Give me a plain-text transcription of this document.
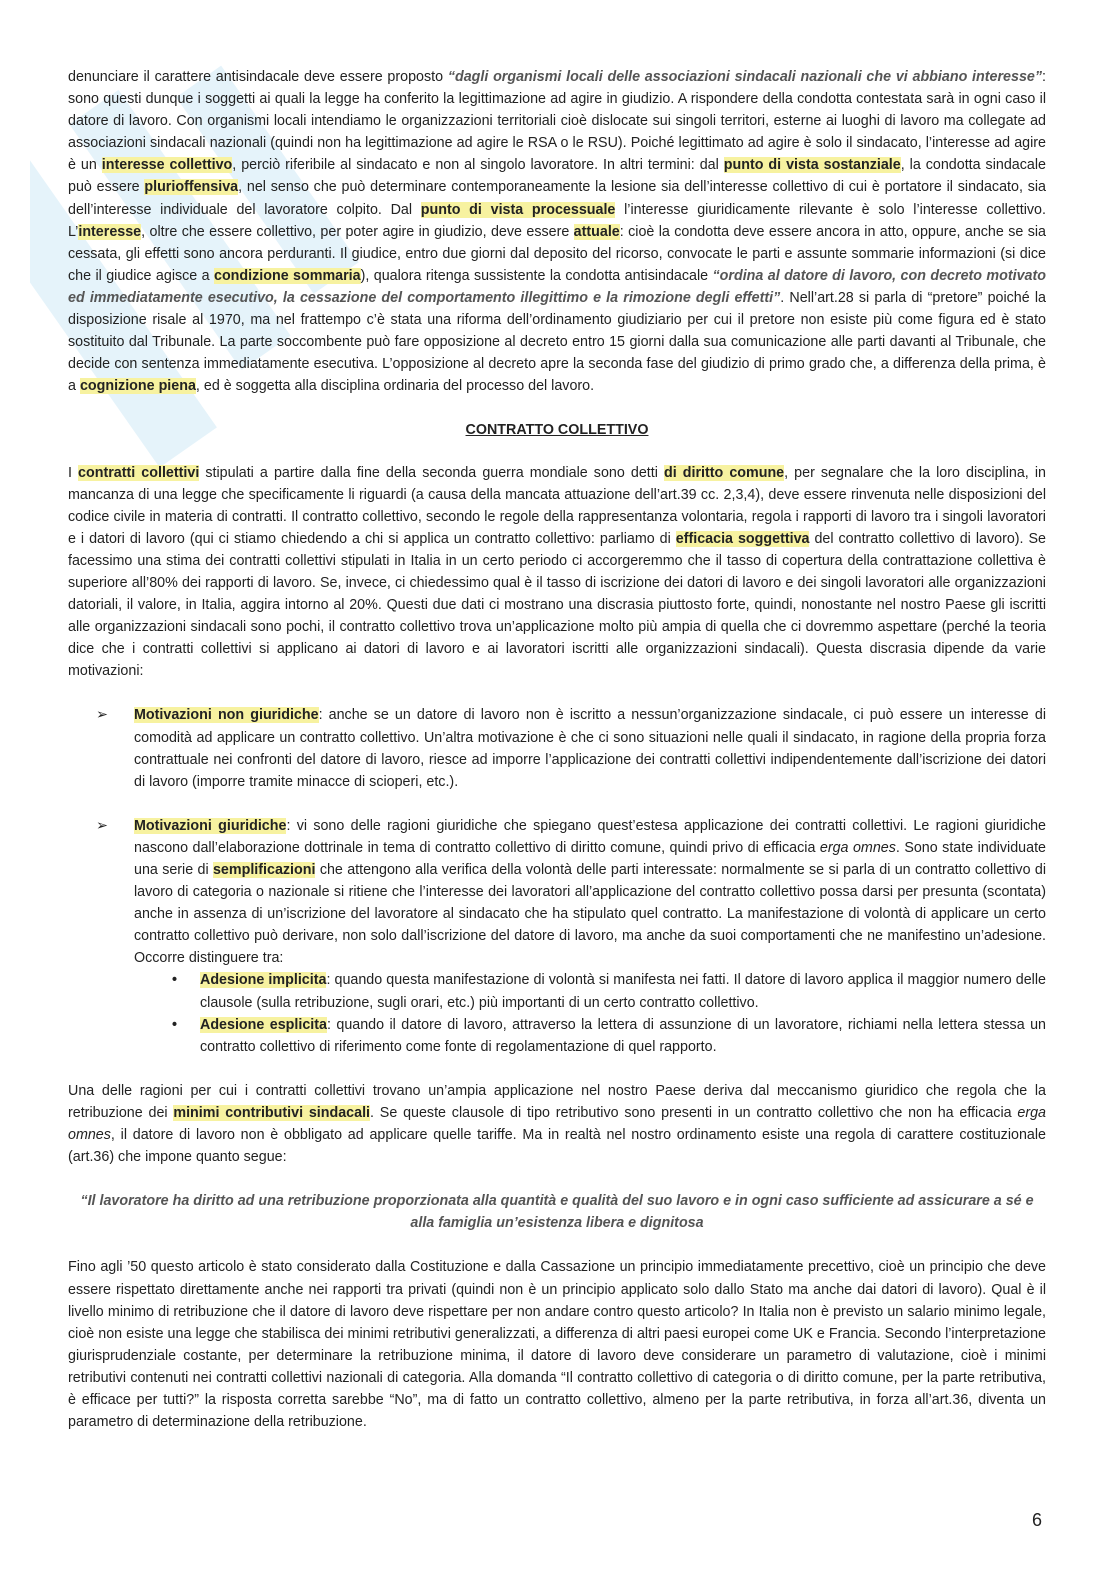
denunciare il carattere antisindacale deve essere proposto “dagli organismi locali delle associazioni sindacali nazionali che vi abbiano interesse”: sono questi dunque i soggetti ai quali la legge ha conferito la legittimazione ad agire in giudizio. A rispondere della condotta contestata sarà in ogni caso il datore di lavoro. Con organismi locali intendiamo le organizzazioni territoriali cioè dislocate sui singoli territori, esterne ai luoghi di lavoro ma collegate ad associazioni sindacali nazionali (quindi non ha legittimazione ad agire le RSA o le RSU). Poiché legittimato ad agire è solo il sindacato, l’interesse ad agire è un interesse collettivo, perciò riferibile al sindacato e non al singolo lavoratore. In altri termini: dal punto di vista sostanziale, la condotta sindacale può essere plurioffensiva, nel senso che può determinare contemporaneamente la lesione sia dell’interesse collettivo di cui è portatore il sindacato, sia dell’interesse individuale del lavoratore colpito. Dal punto di vista processuale l’interesse giuridicamente rilevante è solo l’interesse collettivo. L’interesse, oltre che essere collettivo, per poter agire in giudizio, deve essere attuale: cioè la condotta deve essere ancora in atto, oppure, anche se sia cessata, gli effetti sono ancora perduranti. Il giudice, entro due giorni dal deposito del ricorso, convocate le parti e assunte sommarie informazioni (si dice che il giudice agisce a condizione sommaria), qualora ritenga sussistente la condotta antisindacale “ordina al datore di lavoro, con decreto motivato ed immediatamente esecutivo, la cessazione del comportamento illegittimo e la rimozione degli effetti”. Nell’art.28 si parla di “pretore” poiché la disposizione risale al 1970, ma nel frattempo c’è stata una riforma dell’ordinamento giudiziario per cui il pretore non esiste più come figura ed è stato sostituito dal Tribunale. La parte soccombente può fare opposizione al decreto entro 15 giorni dalla sua comunicazione alle parti davanti al Tribunale, che decide con sentenza immediatamente esecutiva. L’opposizione al decreto apre la seconda fase del giudizio di primo grado che, a differenza della prima, è a cognizione piena, ed è soggetta alla disciplina ordinaria del processo del lavoro.

CONTRATTO COLLETTIVO

I contratti collettivi stipulati a partire dalla fine della seconda guerra mondiale sono detti di diritto comune, per segnalare che la loro disciplina, in mancanza di una legge che specificamente li riguardi (a causa della mancata attuazione dell’art.39 cc. 2,3,4), deve essere rinvenuta nelle disposizioni del codice civile in materia di contratti. Il contratto collettivo, secondo le regole della rappresentanza volontaria, regola i rapporti di lavoro tra i singoli lavoratori e i datori di lavoro (qui ci stiamo chiedendo a chi si applica un contratto collettivo: parliamo di efficacia soggettiva del contratto collettivo di lavoro). Se facessimo una stima dei contratti collettivi stipulati in Italia in un certo periodo ci accorgeremmo che il tasso di copertura della contrattazione collettiva è superiore all’80% dei rapporti di lavoro. Se, invece, ci chiedessimo qual è il tasso di iscrizione dei datori di lavoro e dei singoli lavoratori alle organizzazioni datoriali, il valore, in Italia, aggira intorno al 20%. Questi due dati ci mostrano una discrasia piuttosto forte, quindi, nonostante nel nostro Paese gli iscritti alle organizzazioni sindacali sono pochi, il contratto collettivo trova un’applicazione molto più ampia di quella che ci dovremmo aspettare (perché la teoria dice che i contratti collettivi si applicano ai datori di lavoro e ai lavoratori iscritti alle organizzazioni sindacali). Questa discrasia dipende da varie motivazioni:

➢ Motivazioni non giuridiche: anche se un datore di lavoro non è iscritto a nessun’organizzazione sindacale, ci può essere un interesse di comodità ad applicare un contratto collettivo. Un’altra motivazione è che ci sono situazioni nelle quali il sindacato, in ragione della propria forza contrattuale nei confronti del datore di lavoro, riesce ad imporre l’applicazione dei contratti collettivi indipendentemente dall’iscrizione dei datori di lavoro (imporre tramite minacce di scioperi, etc.).
➢ Motivazioni giuridiche: vi sono delle ragioni giuridiche che spiegano quest’estesa applicazione dei contratti collettivi. Le ragioni giuridiche nascono dall’elaborazione dottrinale in tema di contratto collettivo di diritto comune, quindi privo di efficacia erga omnes. Sono state individuate una serie di semplificazioni che attengono alla verifica della volontà delle parti interessate: normalmente se si parla di un contratto collettivo di lavoro di categoria o nazionale si ritiene che l’interesse dei lavoratori all’applicazione del contratto collettivo possa darsi per presunta (scontata) anche in assenza di un’iscrizione del lavoratore al sindacato che ha stipulato quel contratto. La manifestazione di volontà di applicare un certo contratto collettivo può derivare, non solo dall’iscrizione del datore di lavoro, ma anche da suoi comportamenti che ne manifestino un’adesione. Occorre distinguere tra:
• Adesione implicita: quando questa manifestazione di volontà si manifesta nei fatti. Il datore di lavoro applica il maggior numero delle clausole (sulla retribuzione, sugli orari, etc.) più importanti di un certo contratto collettivo.
• Adesione esplicita: quando il datore di lavoro, attraverso la lettera di assunzione di un lavoratore, richiami nella lettera stessa un contratto collettivo di riferimento come fonte di regolamentazione di quel rapporto.

Una delle ragioni per cui i contratti collettivi trovano un’ampia applicazione nel nostro Paese deriva dal meccanismo giuridico che regola che la retribuzione dei minimi contributivi sindacali. Se queste clausole di tipo retributivo sono presenti in un contratto collettivo che non ha efficacia erga omnes, il datore di lavoro non è obbligato ad applicare quelle tariffe. Ma in realtà nel nostro ordinamento esiste una regola di carattere costituzionale (art.36) che impone quanto segue:

“Il lavoratore ha diritto ad una retribuzione proporzionata alla quantità e qualità del suo lavoro e in ogni caso sufficiente ad assicurare a sé e alla famiglia un’esistenza libera e dignitosa

Fino agli ’50 questo articolo è stato considerato dalla Costituzione e dalla Cassazione un principio immediatamente precettivo, cioè un principio che deve essere rispettato direttamente anche nei rapporti tra privati (quindi non è un principio applicato solo dallo Stato ma anche dai datori di lavoro). Qual è il livello minimo di retribuzione che il datore di lavoro deve rispettare per non andare contro questo articolo? In Italia non è previsto un salario minimo legale, cioè non esiste una legge che stabilisca dei minimi retributivi generalizzati, a differenza di altri paesi europei come UK e Francia. Secondo l’interpretazione giurisprudenziale costante, per determinare la retribuzione minima, il datore di lavoro deve considerare un parametro di valutazione, cioè i minimi retributivi contenuti nei contratti collettivi nazionali di categoria. Alla domanda “Il contratto collettivo di categoria o di diritto comune, per la parte retributiva, è efficace per tutti?” la risposta corretta sarebbe “No”, ma di fatto un contratto collettivo, almeno per la parte retributiva, in forza all’art.36, diventa un parametro di determinazione della retribuzione.

6
